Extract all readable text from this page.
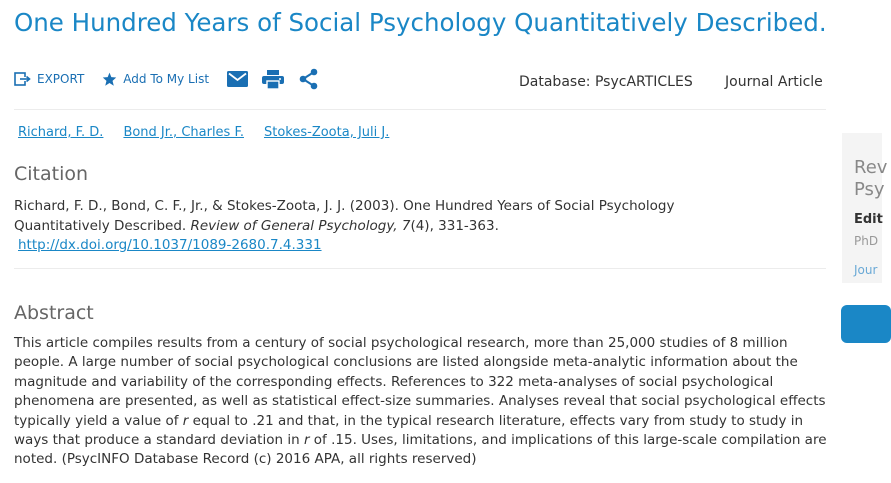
One Hundred Years of Social Psychology Quantitatively Described.
EXPORT	Add To My List	Database: PsycARTICLES Journal Article
Richard, F. D. Bond Jr., Charles F. Stokes-Zoota, Juli J.
Citation
Richard, F. D., Bond, C. F., Jr., & Stokes-Zoota, J. J. (2003). One Hundred Years of Social Psychology Quantitatively Described. Review of General Psychology, 7(4), 331-363.
http://dx.doi.org/10.1037/1089-2680.7.4.331
Abstract
This article compiles results from a century of social psychological research, more than 25,000 studies of 8 million people. A large number of social psychological conclusions are listed alongside meta-analytic information about the magnitude and variability of the corresponding effects. References to 322 meta-analyses of social psychological phenomena are presented, as well as statistical effect-size summaries. Analyses reveal that social psychological effects typically yield a value of r equal to .21 and that, in the typical research literature, effects vary from study to study in ways that produce a standard deviation in r of .15. Uses, limitations, and implications of this large-scale compilation are noted. (PsycINFO Database Record (c) 2016 APA, all rights reserved)
Rev
Psy
Edit
PhD
Jour
